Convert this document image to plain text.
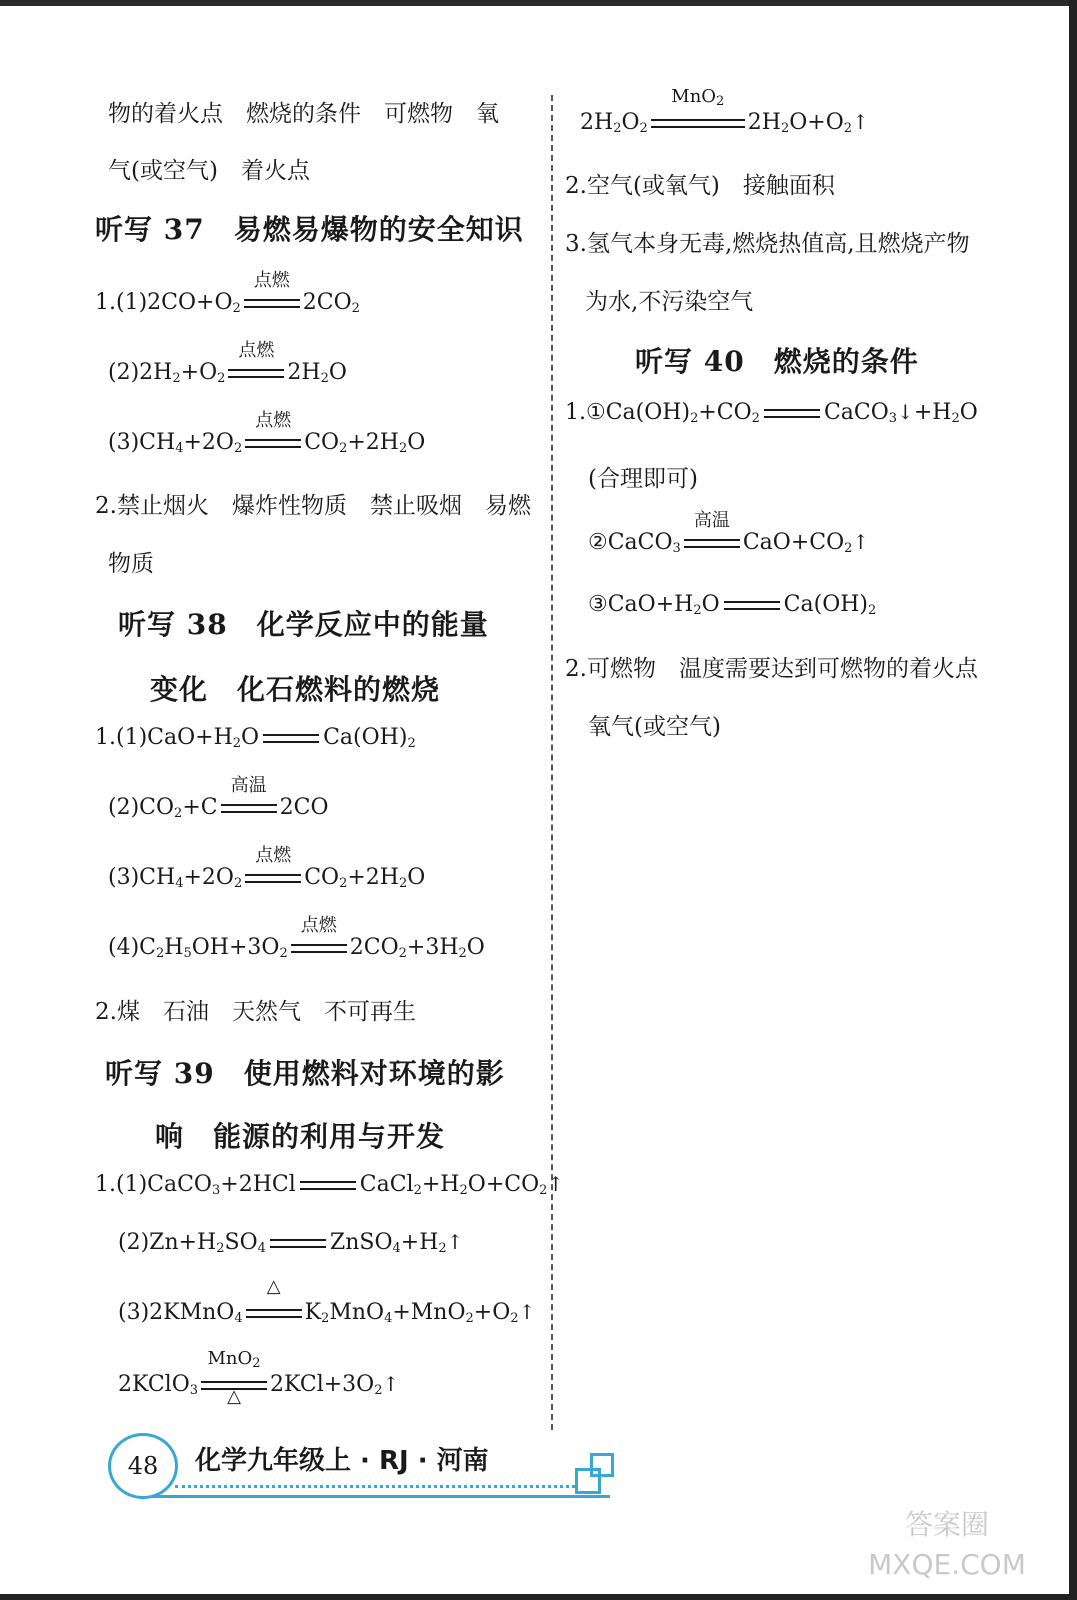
物的着火点　燃烧的条件　可燃物　氧
气(或空气)　着火点
听写 37　易燃易爆物的安全知识
$1.(1)2CO+O_2$
点燃
$2CO_2$
$(2)2H_2+O_2$
点燃
$2H_2O$
$(3)CH_4+2O_2$
点燃
$CO_2+2H_2O$
2.禁止烟火　爆炸性物质　禁止吸烟　易燃
物质
听写 38　化学反应中的能量
变化　化石燃料的燃烧
$1.(1)CaO+H_2O$	$Ca(OH)_2$
$(2)CO_2+C$
高温
2CO
$(3)CH_4+2O_2$
点燃
$CO_2+2H_2O$
$(4)C_2H_5OH+3O_2$
点燃
$2CO_2+3H_2O$
2.煤　石油　天然气　不可再生
听写 39　使用燃料对环境的影
响　能源的利用与开发
1.(1)CaCO$_3$+2HCl	$CaCl_2+H_2O+CO_2↑$
$(2)Zn+H_2SO_4$	$ZnSO_4+H_2↑$
(3)2KMnO$_4$
△
$K_2MnO_4+MnO_2+O_2↑$
2KClO$_3$
MnO$_2$
△	$2KCl+3O_2↑$
$2H_2O_2$
MnO$_2$
$2H_2O+O_2↑$
2.空气(或氧气)　接触面积
3.氢气本身无毒,燃烧热值高,且燃烧产物
为水,不污染空气
听写 40　燃烧的条件
$1.①Ca(OH)_2+CO_2$	$CaCO_3↓+H_2O$
(合理即可)
②CaCO$_3$
高温
$CaO+CO_2↑$
$③CaO+H_2O$	$Ca(OH)_2$
2.可燃物　温度需要达到可燃物的着火点
氧气(或空气)
48	化学九年级上 · RJ · 河南
答案圈
MXQE.COM
